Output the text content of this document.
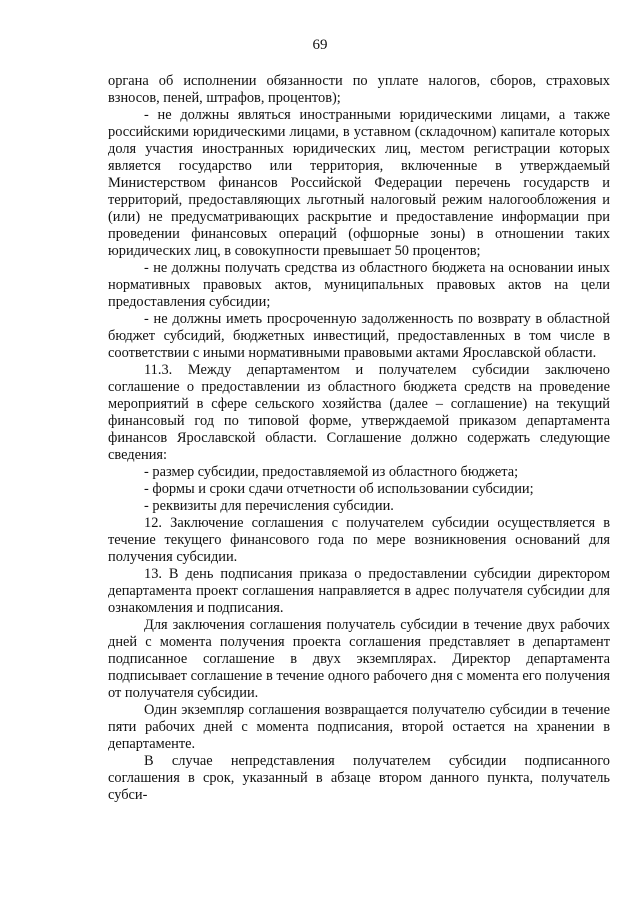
69

органа об исполнении обязанности по уплате налогов, сборов, страховых взносов, пеней, штрафов, процентов);

- не должны являться иностранными юридическими лицами, а также российскими юридическими лицами, в уставном (складочном) капитале которых доля участия иностранных юридических лиц, местом регистрации которых является государство или территория, включенные в утверждаемый Министерством финансов Российской Федерации перечень государств и территорий, предоставляющих льготный налоговый режим налогообложения и (или) не предусматривающих раскрытие и предоставление информации при проведении финансовых операций (офшорные зоны) в отношении таких юридических лиц, в совокупности превышает 50 процентов;

- не должны получать средства из областного бюджета на основании иных нормативных правовых актов, муниципальных правовых актов на цели предоставления субсидии;

- не должны иметь просроченную задолженность по возврату в областной бюджет субсидий, бюджетных инвестиций, предоставленных в том числе в соответствии с иными нормативными правовыми актами Ярославской области.

11.3. Между департаментом и получателем субсидии заключено соглашение о предоставлении из областного бюджета средств на проведение мероприятий в сфере сельского хозяйства (далее – соглашение) на текущий финансовый год по типовой форме, утверждаемой приказом департамента финансов Ярославской области. Соглашение должно содержать следующие сведения:

- размер субсидии, предоставляемой из областного бюджета;

- формы и сроки сдачи отчетности об использовании субсидии;

- реквизиты для перечисления субсидии.

12. Заключение соглашения с получателем субсидии осуществляется в течение текущего финансового года по мере возникновения оснований для получения субсидии.

13. В день подписания приказа о предоставлении субсидии директором департамента проект соглашения направляется в адрес получателя субсидии для ознакомления и подписания.

Для заключения соглашения получатель субсидии в течение двух рабочих дней с момента получения проекта соглашения представляет в департамент подписанное соглашение в двух экземплярах. Директор департамента подписывает соглашение в течение одного рабочего дня с момента его получения от получателя субсидии.

Один экземпляр соглашения возвращается получателю субсидии в течение пяти рабочих дней с момента подписания, второй остается на хранении в департаменте.

В случае непредставления получателем субсидии подписанного соглашения в срок, указанный в абзаце втором данного пункта, получатель субси-
